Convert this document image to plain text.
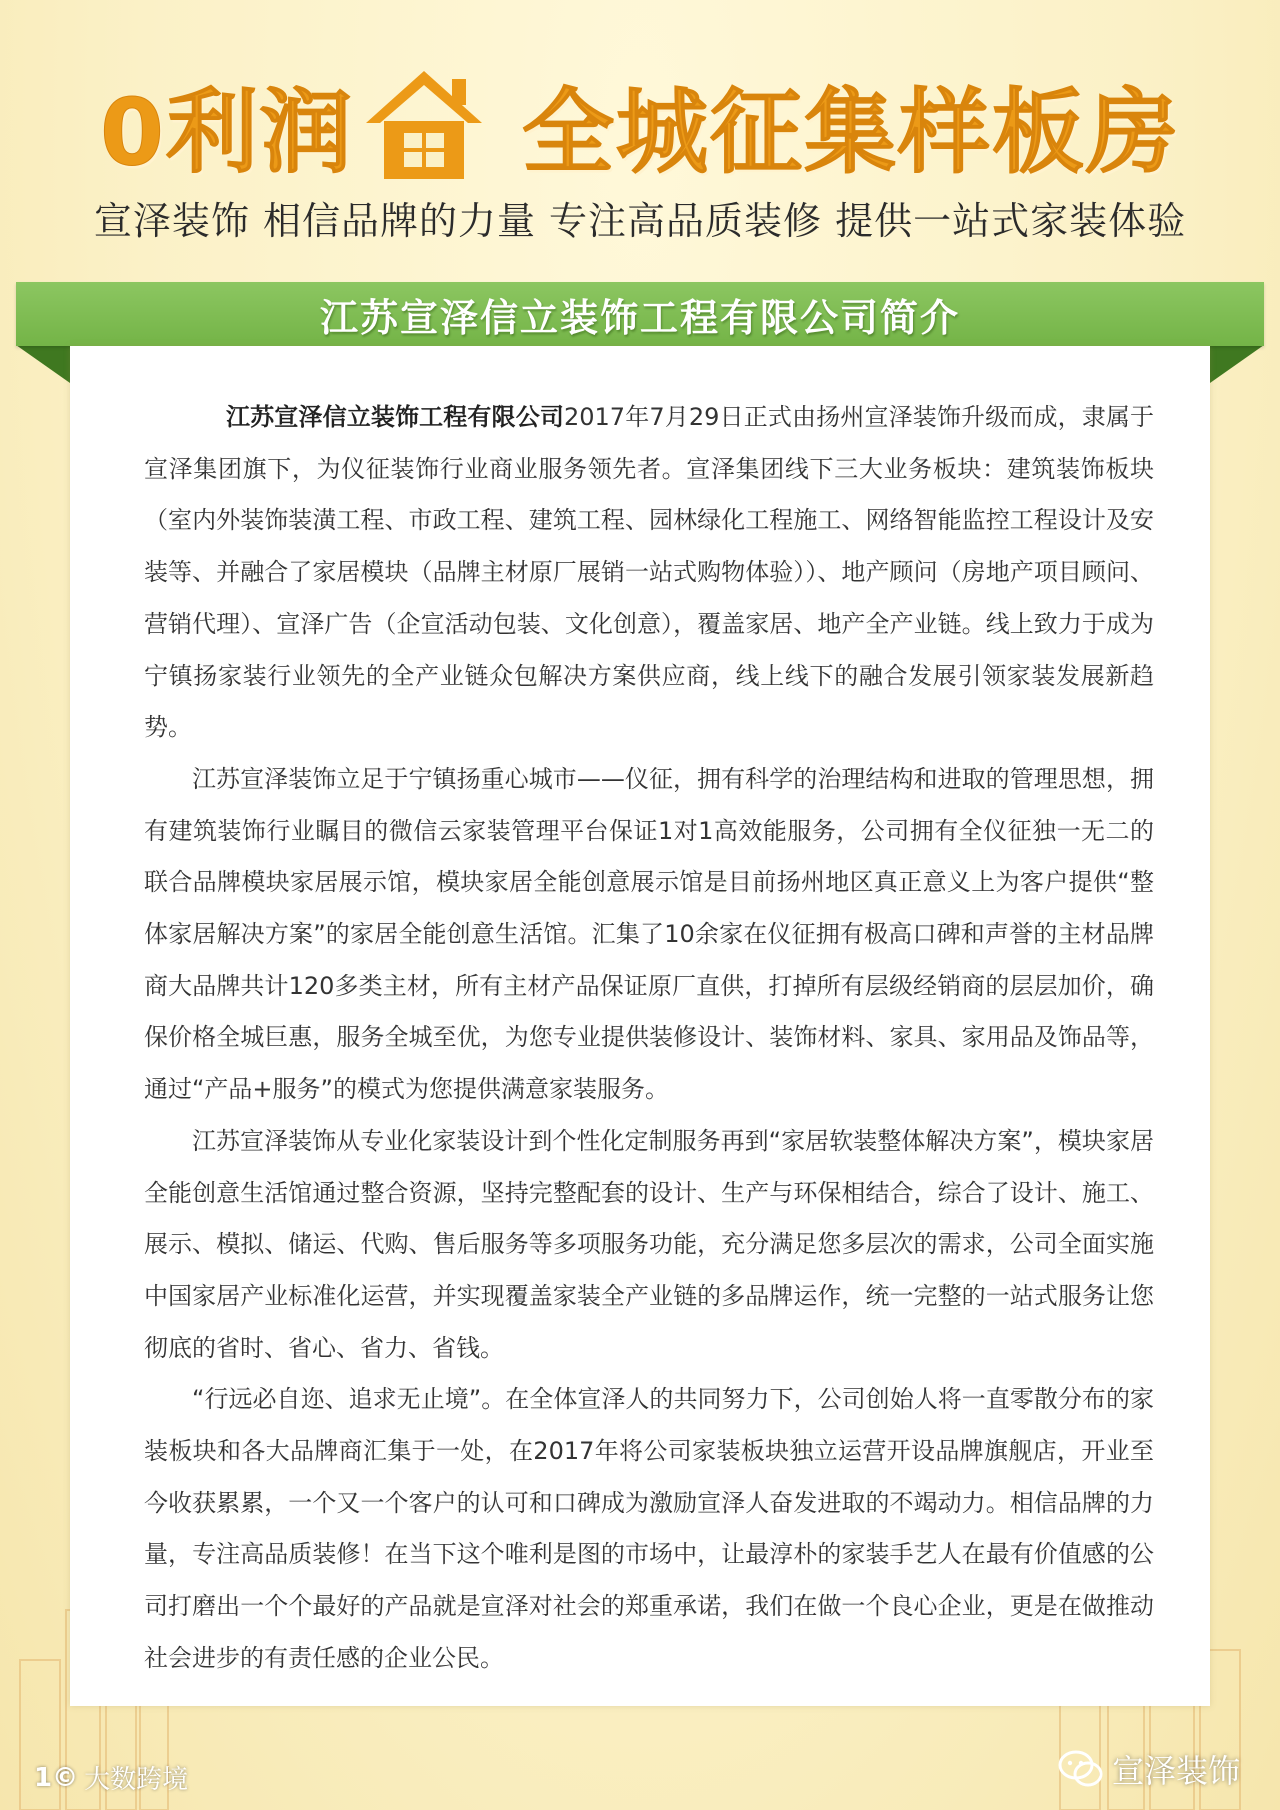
0利润 全城征集样板房
宣泽装饰 相信品牌的力量 专注高品质装修 提供一站式家装体验
江苏宣泽信立装饰工程有限公司简介

江苏宣泽信立装饰工程有限公司2017年7月29日正式由扬州宣泽装饰升级而成，隶属于宣泽集团旗下，为仪征装饰行业商业服务领先者。宣泽集团线下三大业务板块：建筑装饰板块（室内外装饰装潢工程、市政工程、建筑工程、园林绿化工程施工、网络智能监控工程设计及安装等、并融合了家居模块（品牌主材原厂展销一站式购物体验））、地产顾问（房地产项目顾问、营销代理）、宣泽广告（企宣活动包装、文化创意），覆盖家居、地产全产业链。线上致力于成为宁镇扬家装行业领先的全产业链众包解决方案供应商，线上线下的融合发展引领家装发展新趋势。

江苏宣泽装饰立足于宁镇扬重心城市——仪征，拥有科学的治理结构和进取的管理思想，拥有建筑装饰行业瞩目的微信云家装管理平台保证1对1高效能服务，公司拥有全仪征独一无二的联合品牌模块家居展示馆，模块家居全能创意展示馆是目前扬州地区真正意义上为客户提供“整体家居解决方案”的家居全能创意生活馆。汇集了10余家在仪征拥有极高口碑和声誉的主材品牌商大品牌共计120多类主材，所有主材产品保证原厂直供，打掉所有层级经销商的层层加价，确保价格全城巨惠，服务全城至优，为您专业提供装修设计、装饰材料、家具、家用品及饰品等，通过“产品+服务”的模式为您提供满意家装服务。

江苏宣泽装饰从专业化家装设计到个性化定制服务再到“家居软装整体解决方案”，模块家居全能创意生活馆通过整合资源，坚持完整配套的设计、生产与环保相结合，综合了设计、施工、展示、模拟、储运、代购、售后服务等多项服务功能，充分满足您多层次的需求，公司全面实施中国家居产业标准化运营，并实现覆盖家装全产业链的多品牌运作，统一完整的一站式服务让您彻底的省时、省心、省力、省钱。

“行远必自迩、追求无止境”。在全体宣泽人的共同努力下，公司创始人将一直零散分布的家装板块和各大品牌商汇集于一处，在2017年将公司家装板块独立运营开设品牌旗舰店，开业至今收获累累，一个又一个客户的认可和口碑成为激励宣泽人奋发进取的不竭动力。相信品牌的力量，专注高品质装修！在当下这个唯利是图的市场中，让最淳朴的家装手艺人在最有价值感的公司打磨出一个个最好的产品就是宣泽对社会的郑重承诺，我们在做一个良心企业，更是在做推动社会进步的有责任感的企业公民。

1© 大数跨境	宣泽装饰
